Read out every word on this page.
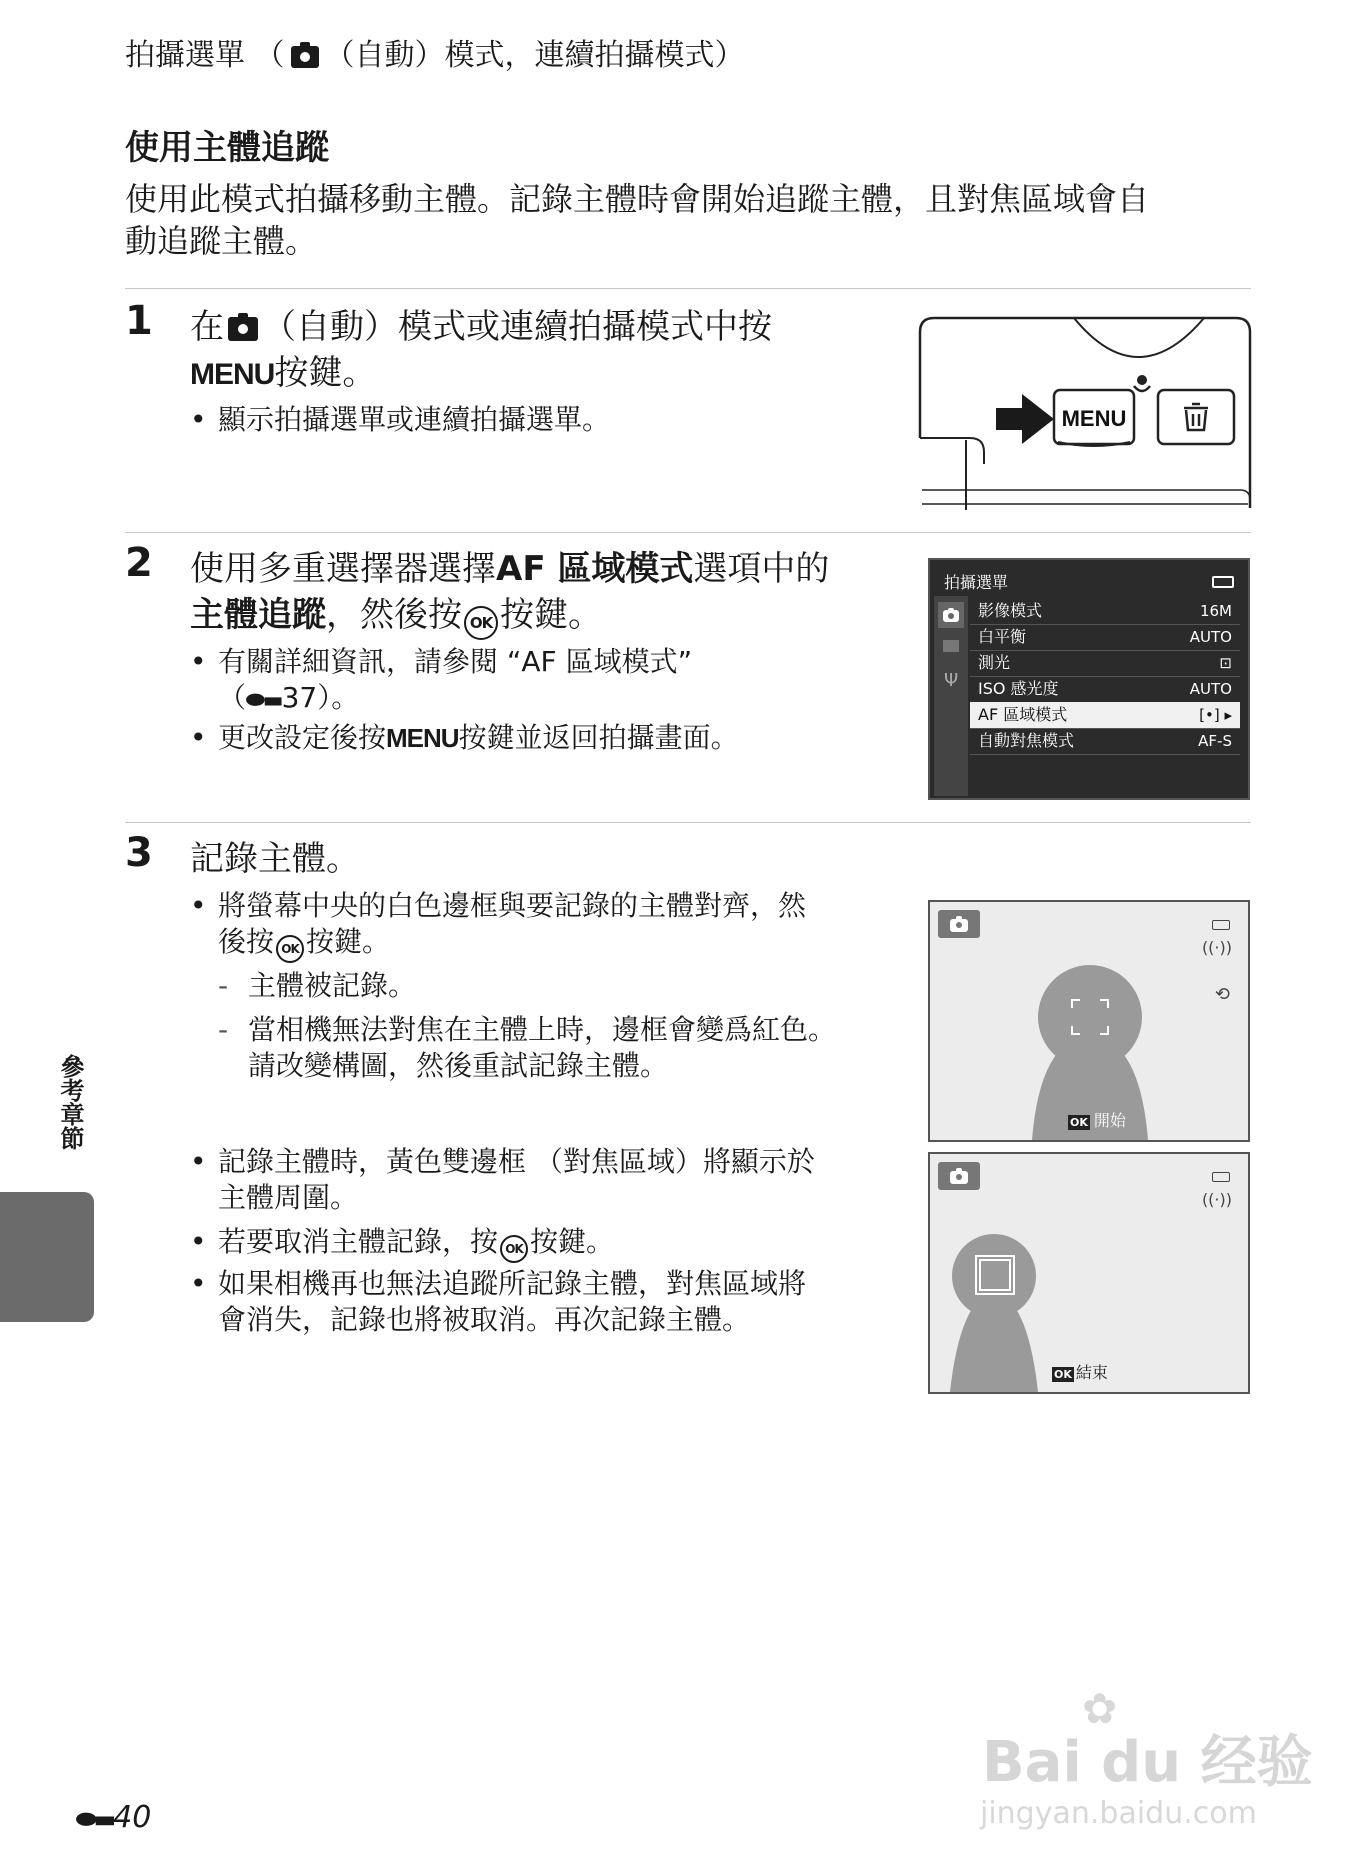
拍攝選單 （ （自動）模式，連續拍攝模式）
使用主體追蹤
使用此模式拍攝移動主體。記錄主體時會開始追蹤主體，且對焦區域會自
動追蹤主體。
1 在 （自動）模式或連續拍攝模式中按
MENU按鍵。
• 顯示拍攝選單或連續拍攝選單。	MENU
2 使用多重選擇器選擇AF 區域模式選項中的
主體追蹤，然後按 OK 按鍵。
• 有關詳細資訊，請參閱 “AF 區域模式”
（⬬▬37）。
• 更改設定後按MENU按鍵並返回拍攝畫面。
拍攝選單
Ψ
影像模式	16M
白平衡	AUTO
測光	⊡
ISO 感光度	AUTO
AF 區域模式	[•] ▸
自動對焦模式	AF-S
3 記錄主體。
• 將螢幕中央的白色邊框與要記錄的主體對齊，然
後按 OK 按鍵。
- 主體被記錄。
- 當相機無法對焦在主體上時，邊框會變爲紅色。
請改變構圖，然後重試記錄主體。
• 記錄主體時，黃色雙邊框 （對焦區域）將顯示於
主體周圍。
• 若要取消主體記錄，按 OK 按鍵。
• 如果相機再也無法追蹤所記錄主體，對焦區域將
會消失，記錄也將被取消。再次記錄主體。
((·))
⟲
OK 開始
((·))
OK 結束
參考章節
⬬▬40
Bai du 经验
✿
jingyan.baidu.com
